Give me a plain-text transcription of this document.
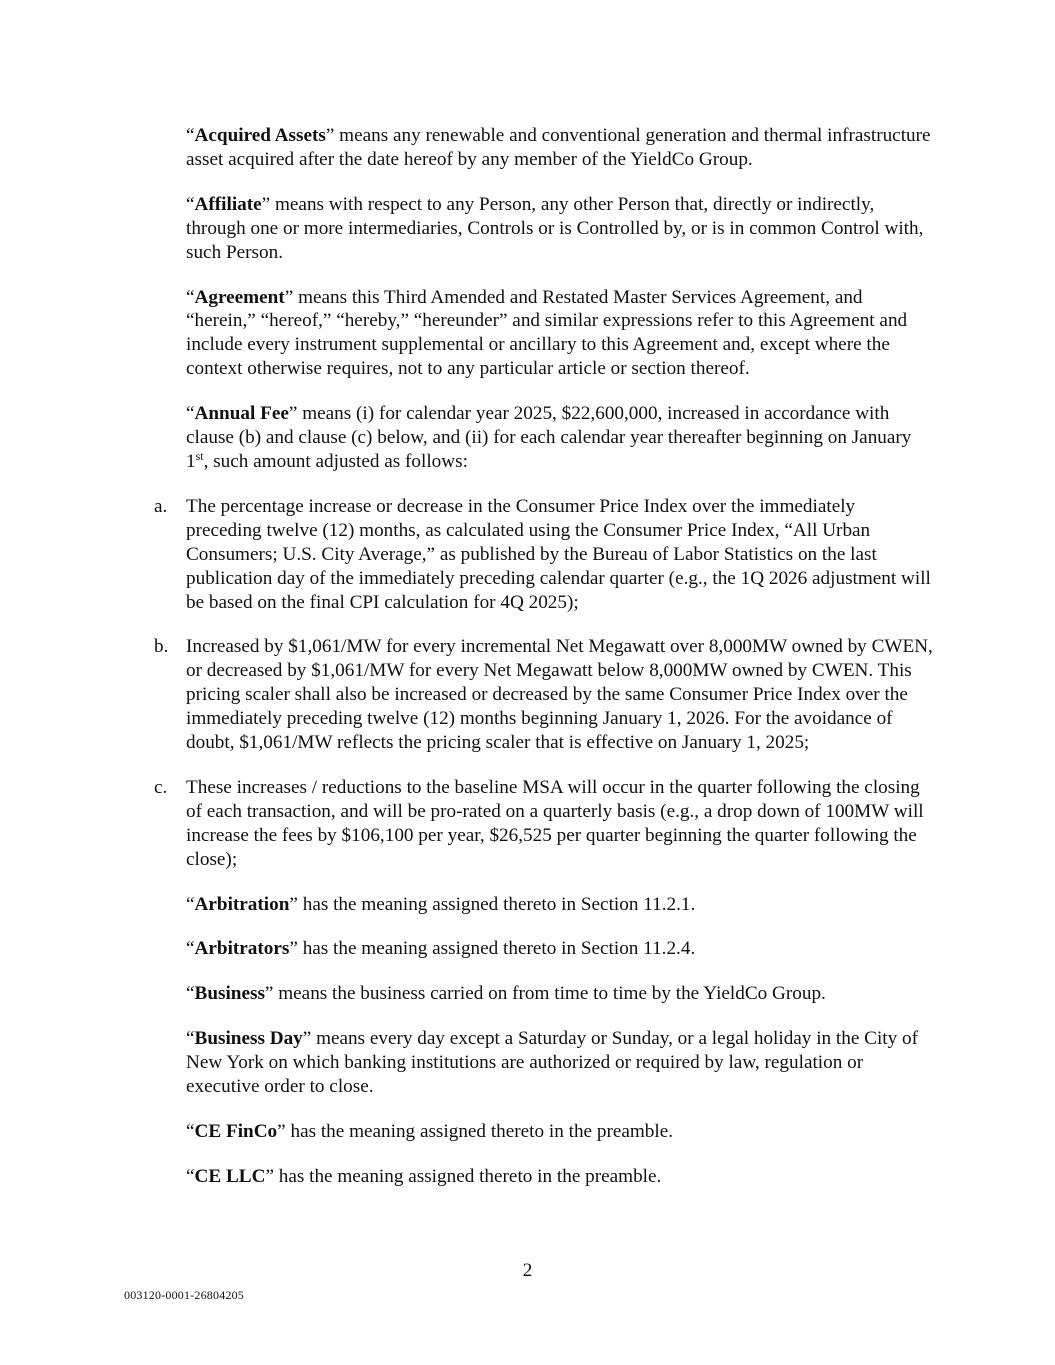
“Acquired Assets” means any renewable and conventional generation and thermal infrastructure asset acquired after the date hereof by any member of the YieldCo Group.

“Affiliate” means with respect to any Person, any other Person that, directly or indirectly, through one or more intermediaries, Controls or is Controlled by, or is in common Control with, such Person.

“Agreement” means this Third Amended and Restated Master Services Agreement, and “herein,” “hereof,” “hereby,” “hereunder” and similar expressions refer to this Agreement and include every instrument supplemental or ancillary to this Agreement and, except where the context otherwise requires, not to any particular article or section thereof.

“Annual Fee” means (i) for calendar year 2025, $22,600,000, increased in accordance with clause (b) and clause (c) below, and (ii) for each calendar year thereafter beginning on January 1st, such amount adjusted as follows:

a. The percentage increase or decrease in the Consumer Price Index over the immediately preceding twelve (12) months, as calculated using the Consumer Price Index, “All Urban Consumers; U.S. City Average,” as published by the Bureau of Labor Statistics on the last publication day of the immediately preceding calendar quarter (e.g., the 1Q 2026 adjustment will be based on the final CPI calculation for 4Q 2025);
b. Increased by $1,061/MW for every incremental Net Megawatt over 8,000MW owned by CWEN, or decreased by $1,061/MW for every Net Megawatt below 8,000MW owned by CWEN. This pricing scaler shall also be increased or decreased by the same Consumer Price Index over the immediately preceding twelve (12) months beginning January 1, 2026. For the avoidance of doubt, $1,061/MW reflects the pricing scaler that is effective on January 1, 2025;
c. These increases / reductions to the baseline MSA will occur in the quarter following the closing of each transaction, and will be pro-rated on a quarterly basis (e.g., a drop down of 100MW will increase the fees by $106,100 per year, $26,525 per quarter beginning the quarter following the close);

“Arbitration” has the meaning assigned thereto in Section 11.2.1.

“Arbitrators” has the meaning assigned thereto in Section 11.2.4.

“Business” means the business carried on from time to time by the YieldCo Group.

“Business Day” means every day except a Saturday or Sunday, or a legal holiday in the City of New York on which banking institutions are authorized or required by law, regulation or executive order to close.

“CE FinCo” has the meaning assigned thereto in the preamble.

“CE LLC” has the meaning assigned thereto in the preamble.

2
003120-0001-26804205
